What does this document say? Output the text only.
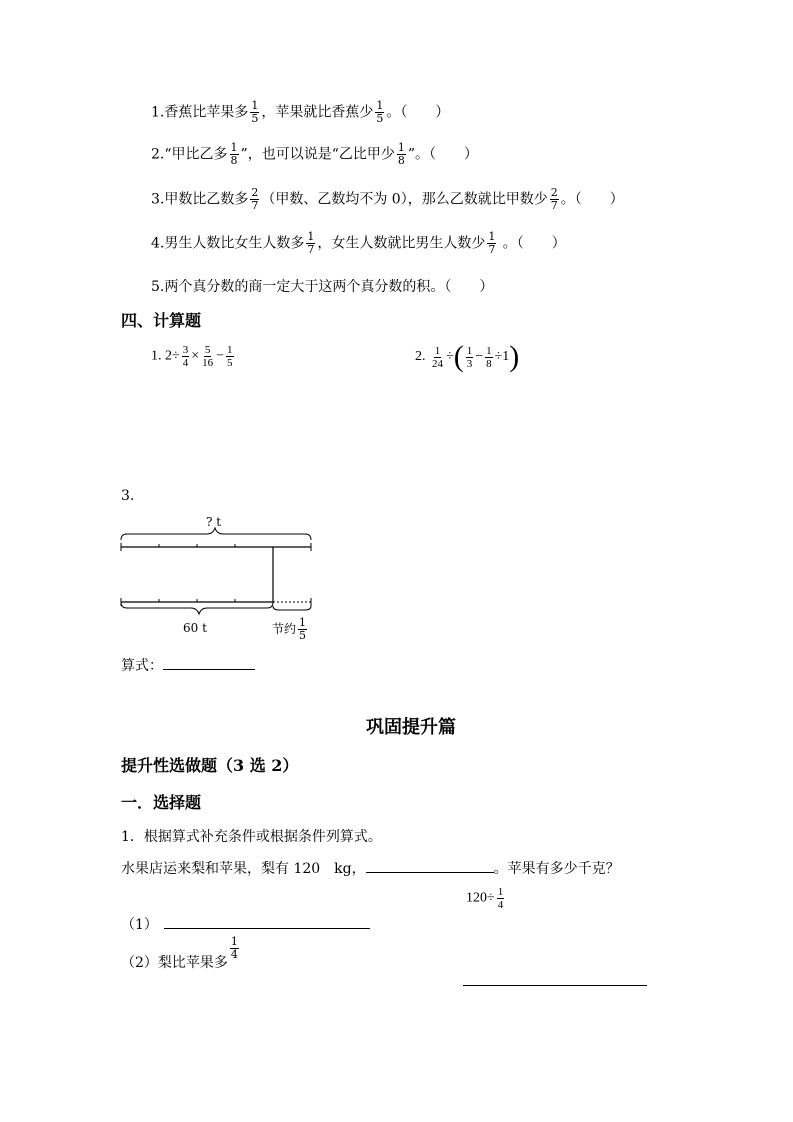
1.香蕉比苹果多 $\frac{1}{5}$ ，苹果就比香蕉少 $\frac{1}{5}$ 。（　　）
2.“甲比乙多 $\frac{1}{8}$ ”，也可以说是“乙比甲少 $\frac{1}{8}$ ”。（　　）
3.甲数比乙数多 $\frac{2}{7}$ （甲数、乙数均不为 0），那么乙数就比甲数少 $\frac{2}{7}$ 。（　　）
4.男生人数比女生人数多 $\frac{1}{7}$ ，女生人数就比男生人数少 $\frac{1}{7}$ 。（　　）
5.两个真分数的商一定大于这两个真分数的积。（　　）
四、计算题
1. $2\div \frac{3}{4} \times \frac{5}{16} - \frac{1}{5}$	2. $\frac{1}{24}$ ÷( $\frac{1}{3} - \frac{1}{8} \div 1$)
3.
? t
60 t	节约 $\frac{1}{5}$
算式：
巩固提升篇
提升性选做题（3 选 2）
一．选择题
1．根据算式补充条件或根据条件列算式。
水果店运来梨和苹果，梨有 120　kg，	。苹果有多少千克？
$120\div \frac{1}{4}$
（1）
（2）梨比苹果多
$\frac{1}{4}$
